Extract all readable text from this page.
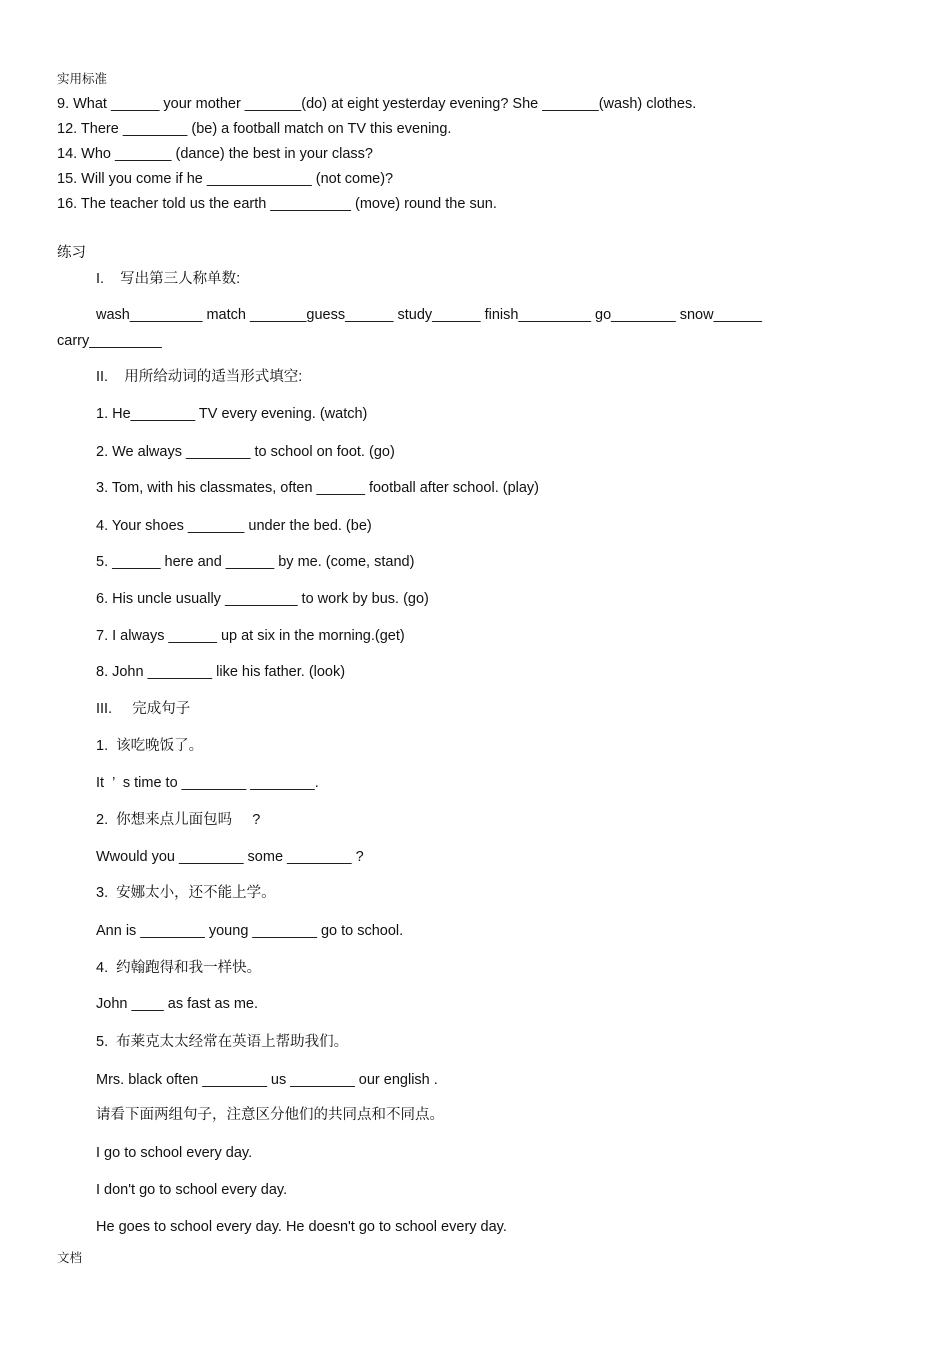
实用标准
9. What ______ your mother _______(do) at eight yesterday evening? She _______(wash) clothes.
12. There ________ (be) a football match on TV this evening.
14. Who _______ (dance) the best in your class?
15. Will you come if he _____________ (not come)?
16. The teacher told us the earth __________ (move) round the sun.
练习
I.    写出第三人称单数:
wash_________ match _______guess______ study______ finish_________ go________ snow______
carry_________
II.    用所给动词的适当形式填空:
1. He________ TV every evening. (watch)
2. We always ________ to school on foot. (go)
3. Tom, with his classmates, often ______ football after school. (play)
4. Your shoes _______ under the bed. (be)
5. ______ here and ______ by me. (come, stand)
6. His uncle usually _________ to work by bus. (go)
7. I always ______ up at six in the morning.(get)
8. John ________ like his father. (look)
III.     完成句子
1.  该吃晚饭了。
It  ’  s time to ________ ________.
2.  你想来点儿面包吗     ?
Wwould you ________ some ________ ?
3.  安娜太小，还不能上学。
Ann is ________ young ________ go to school.
4.  约翰跑得和我一样快。
John ____ as fast as me.
5.  布莱克太太经常在英语上帮助我们。
Mrs. black often ________ us ________ our english .
请看下面两组句子，注意区分他们的共同点和不同点。
I go to school every day.
I don't go to school every day.
He goes to school every day. He doesn't go to school every day.
文档
